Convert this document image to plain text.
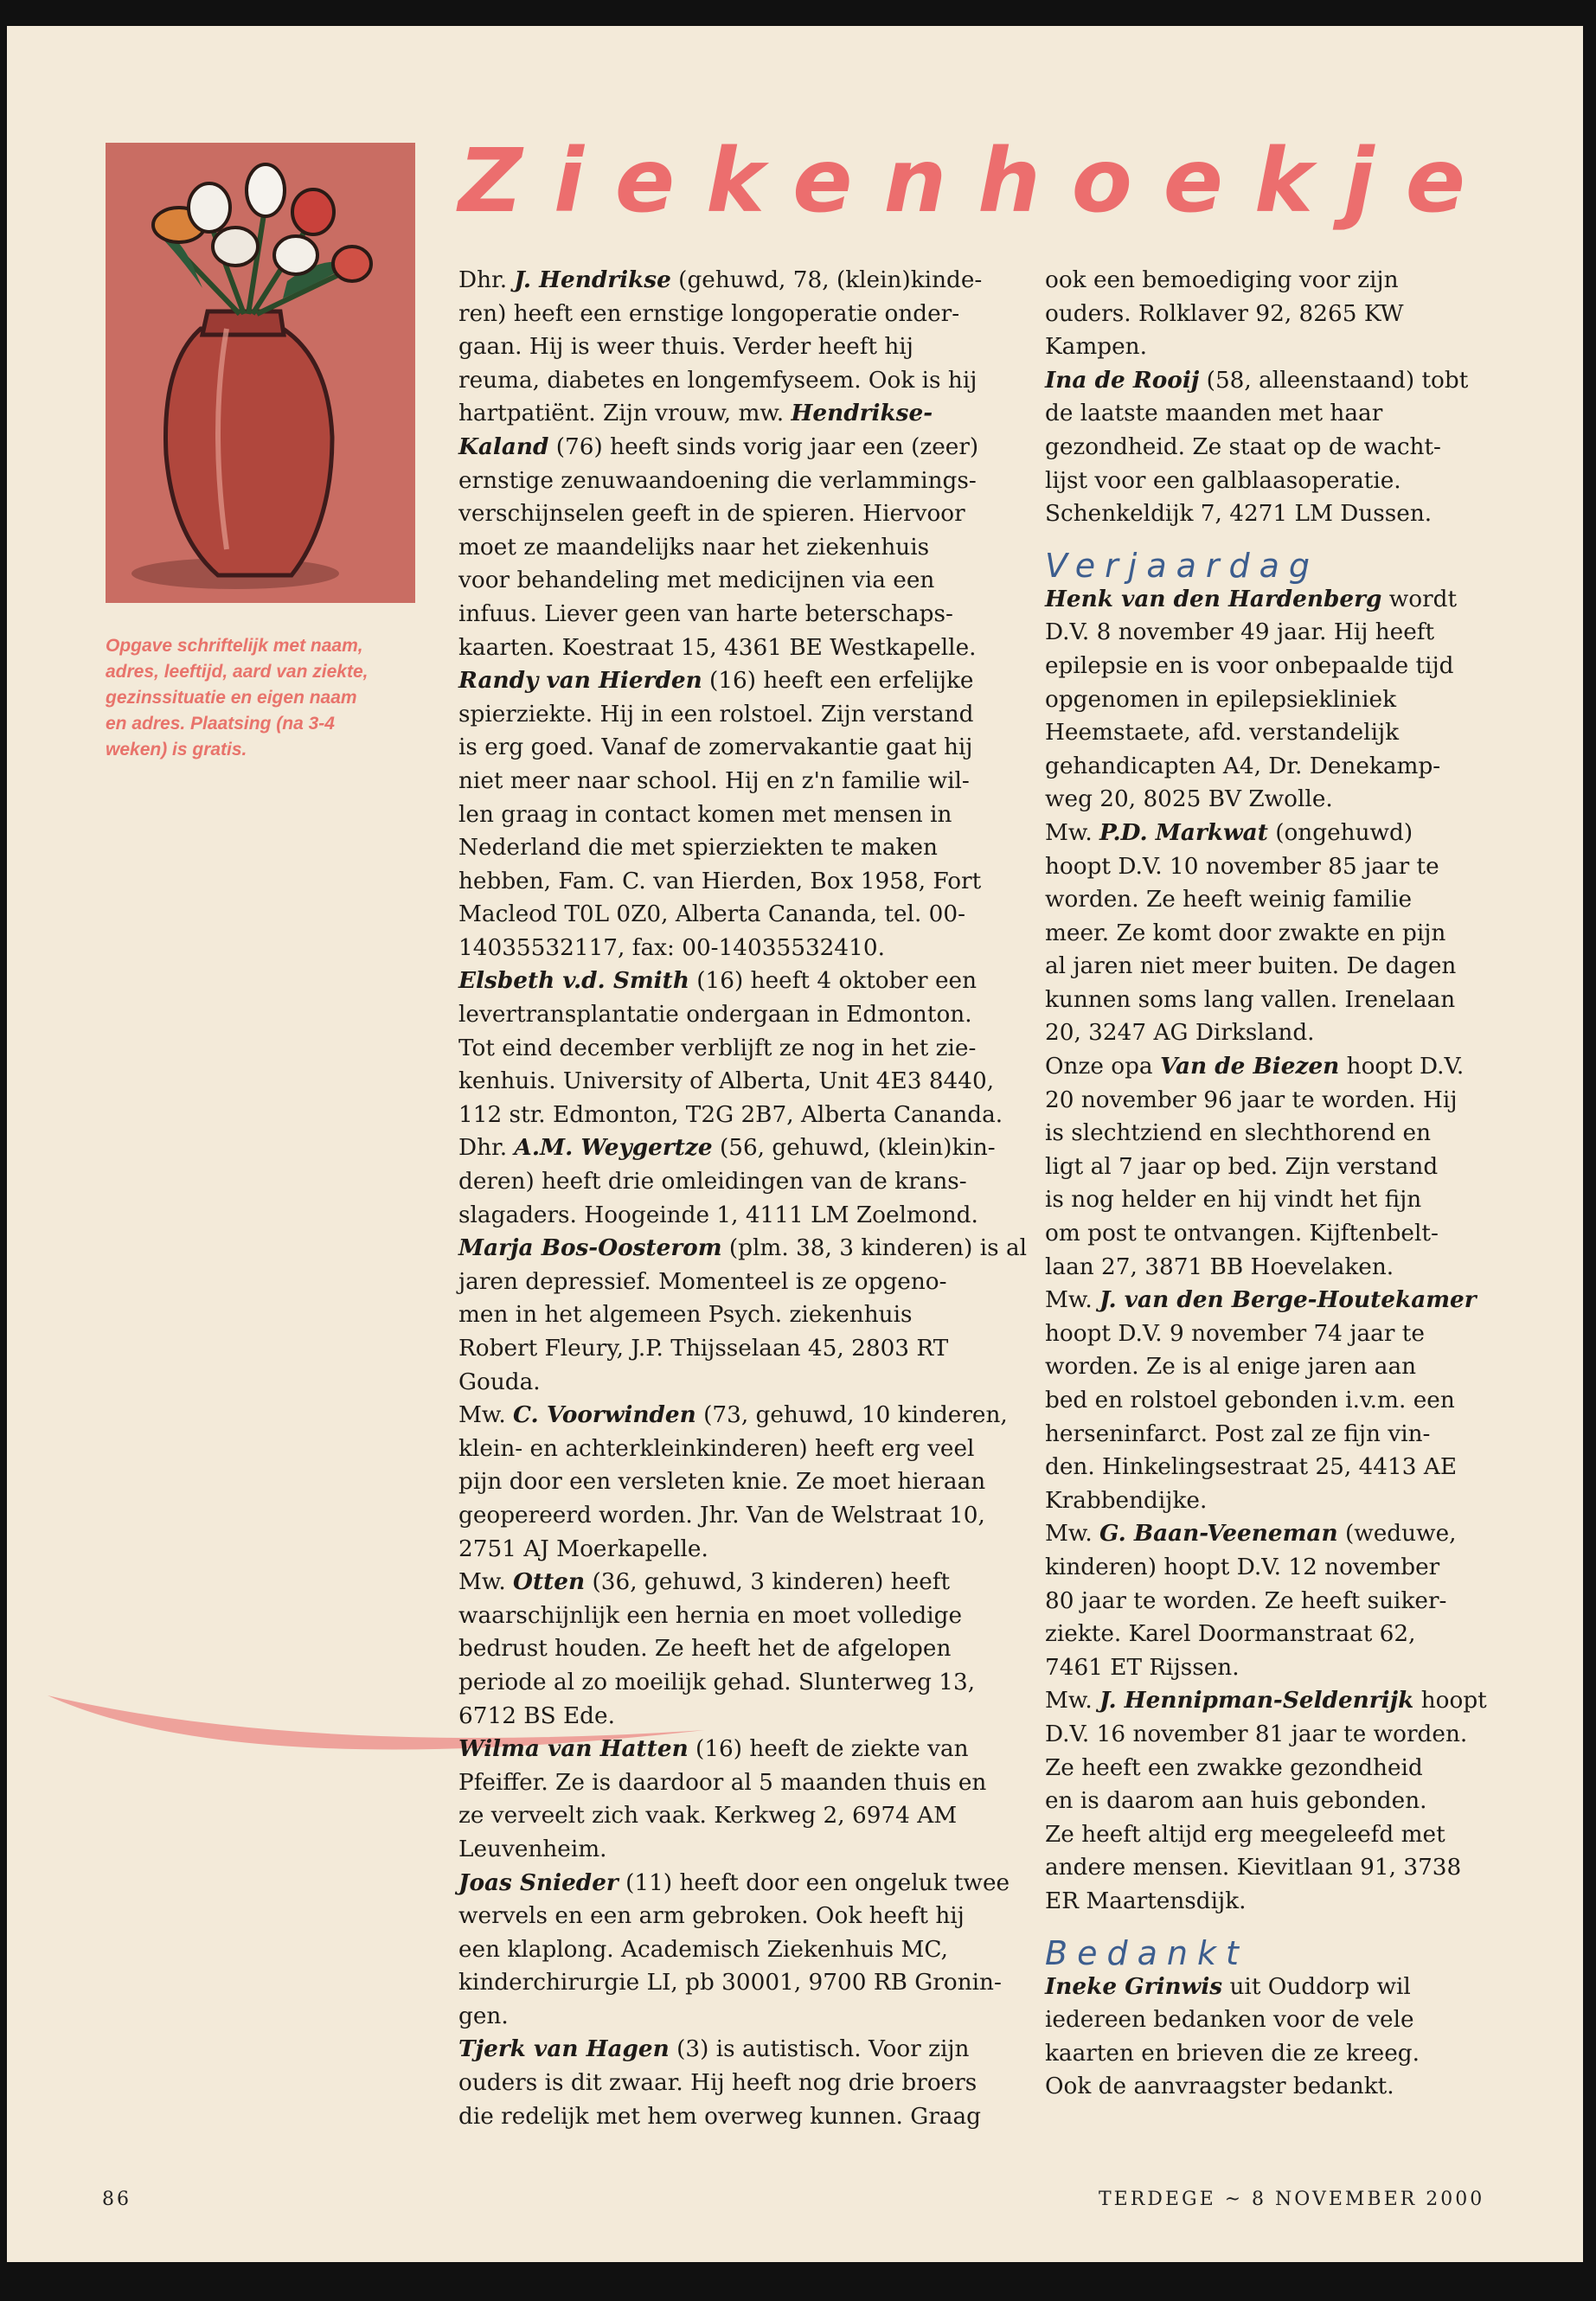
Opgave schriftelijk met naam,
adres, leeftijd, aard van ziekte,
gezinssituatie en eigen naam
en adres. Plaatsing (na 3-4
weken) is gratis.
Ziekenhoekje
Dhr. J. Hendrikse (gehuwd, 78, (klein)kinde-
ren) heeft een ernstige longoperatie onder-
gaan. Hij is weer thuis. Verder heeft hij
reuma, diabetes en longemfyseem. Ook is hij
hartpatiënt. Zijn vrouw, mw. Hendrikse-
Kaland (76) heeft sinds vorig jaar een (zeer)
ernstige zenuwaandoening die verlammings-
verschijnselen geeft in de spieren. Hiervoor
moet ze maandelijks naar het ziekenhuis
voor behandeling met medicijnen via een
infuus. Liever geen van harte beterschaps-
kaarten. Koestraat 15, 4361 BE Westkapelle.
Randy van Hierden (16) heeft een erfelijke
spierziekte. Hij in een rolstoel. Zijn verstand
is erg goed. Vanaf de zomervakantie gaat hij
niet meer naar school. Hij en z'n familie wil-
len graag in contact komen met mensen in
Nederland die met spierziekten te maken
hebben, Fam. C. van Hierden, Box 1958, Fort
Macleod T0L 0Z0, Alberta Cananda, tel. 00-
14035532117, fax: 00-14035532410.
Elsbeth v.d. Smith (16) heeft 4 oktober een
levertransplantatie ondergaan in Edmonton.
Tot eind december verblijft ze nog in het zie-
kenhuis. University of Alberta, Unit 4E3 8440,
112 str. Edmonton, T2G 2B7, Alberta Cananda.
Dhr. A.M. Weygertze (56, gehuwd, (klein)kin-
deren) heeft drie omleidingen van de krans-
slagaders. Hoogeinde 1, 4111 LM Zoelmond.
Marja Bos-Oosterom (plm. 38, 3 kinderen) is al
jaren depressief. Momenteel is ze opgeno-
men in het algemeen Psych. ziekenhuis
Robert Fleury, J.P. Thijsselaan 45, 2803 RT
Gouda.
Mw. C. Voorwinden (73, gehuwd, 10 kinderen,
klein- en achterkleinkinderen) heeft erg veel
pijn door een versleten knie. Ze moet hieraan
geopereerd worden. Jhr. Van de Welstraat 10,
2751 AJ Moerkapelle.
Mw. Otten (36, gehuwd, 3 kinderen) heeft
waarschijnlijk een hernia en moet volledige
bedrust houden. Ze heeft het de afgelopen
periode al zo moeilijk gehad. Slunterweg 13,
6712 BS Ede.
Wilma van Hatten (16) heeft de ziekte van
Pfeiffer. Ze is daardoor al 5 maanden thuis en
ze verveelt zich vaak. Kerkweg 2, 6974 AM
Leuvenheim.
Joas Snieder (11) heeft door een ongeluk twee
wervels en een arm gebroken. Ook heeft hij
een klaplong. Academisch Ziekenhuis MC,
kinderchirurgie LI, pb 30001, 9700 RB Gronin-
gen.
Tjerk van Hagen (3) is autistisch. Voor zijn
ouders is dit zwaar. Hij heeft nog drie broers
die redelijk met hem overweg kunnen. Graag
ook een bemoediging voor zijn
ouders. Rolklaver 92, 8265 KW
Kampen.
Ina de Rooij (58, alleenstaand) tobt
de laatste maanden met haar
gezondheid. Ze staat op de wacht-
lijst voor een galblaasoperatie.
Schenkeldijk 7, 4271 LM Dussen.
Verjaardag
Henk van den Hardenberg wordt
D.V. 8 november 49 jaar. Hij heeft
epilepsie en is voor onbepaalde tijd
opgenomen in epilepsiekliniek
Heemstaete, afd. verstandelijk
gehandicapten A4, Dr. Denekamp-
weg 20, 8025 BV Zwolle.
Mw. P.D. Markwat (ongehuwd)
hoopt D.V. 10 november 85 jaar te
worden. Ze heeft weinig familie
meer. Ze komt door zwakte en pijn
al jaren niet meer buiten. De dagen
kunnen soms lang vallen. Irenelaan
20, 3247 AG Dirksland.
Onze opa Van de Biezen hoopt D.V.
20 november 96 jaar te worden. Hij
is slechtziend en slechthorend en
ligt al 7 jaar op bed. Zijn verstand
is nog helder en hij vindt het fijn
om post te ontvangen. Kijftenbelt-
laan 27, 3871 BB Hoevelaken.
Mw. J. van den Berge-Houtekamer
hoopt D.V. 9 november 74 jaar te
worden. Ze is al enige jaren aan
bed en rolstoel gebonden i.v.m. een
herseninfarct. Post zal ze fijn vin-
den. Hinkelingsestraat 25, 4413 AE
Krabbendijke.
Mw. G. Baan-Veeneman (weduwe,
kinderen) hoopt D.V. 12 november
80 jaar te worden. Ze heeft suiker-
ziekte. Karel Doormanstraat 62,
7461 ET Rijssen.
Mw. J. Hennipman-Seldenrijk hoopt
D.V. 16 november 81 jaar te worden.
Ze heeft een zwakke gezondheid
en is daarom aan huis gebonden.
Ze heeft altijd erg meegeleefd met
andere mensen. Kievitlaan 91, 3738
ER Maartensdijk.
Bedankt
Ineke Grinwis uit Ouddorp wil
iedereen bedanken voor de vele
kaarten en brieven die ze kreeg.
Ook de aanvraagster bedankt.
86	TERDEGE ~ 8 NOVEMBER 2000
